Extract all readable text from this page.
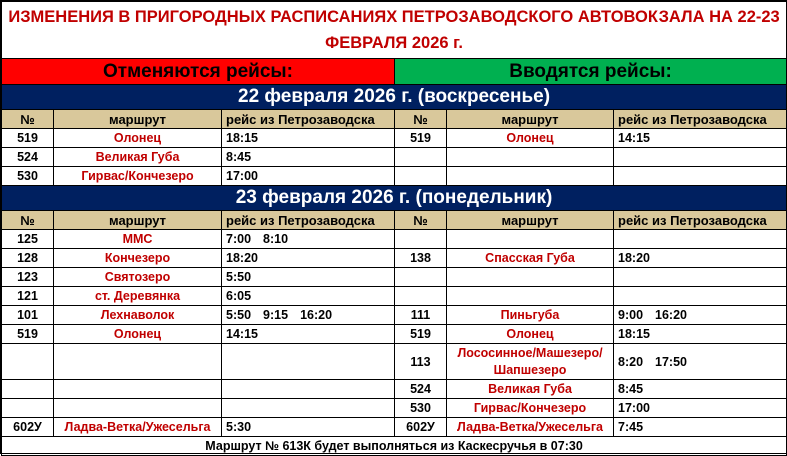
ИЗМЕНЕНИЯ В ПРИГОРОДНЫХ РАСПИСАНИЯХ ПЕТРОЗАВОДСКОГО АВТОВОКЗАЛА НА 22-23 ФЕВРАЛЯ 2026 г.					
Отменяются рейсы:			Вводятся рейсы:		
22 февраля 2026 г. (воскресенье)					
№	маршрут	рейс из Петрозаводска	№	маршрут	рейс из Петрозаводска
519	Олонец	18:15	519	Олонец	14:15
524	Великая Губа	8:45			
530	Гирвас/Кончезеро	17:00			
23 февраля 2026 г. (понедельник)					
№	маршрут	рейс из Петрозаводска	№	маршрут	рейс из Петрозаводска
125	ММС	7:00 8:10			
128	Кончезеро	18:20	138	Спасская Губа	18:20
123	Святозеро	5:50			
121	ст. Деревянка	6:05			
101	Лехнаволок	5:50 9:15 16:20	111	Пиньгуба	9:00 16:20
519	Олонец	14:15	519	Олонец	18:15
			113	Лососинное/Машезеро/ Шапшезеро	8:20 17:50
			524	Великая Губа	8:45
			530	Гирвас/Кончезеро	17:00
602У	Ладва-Ветка/Ужесельга	5:30	602У	Ладва-Ветка/Ужесельга	7:45
Маршрут № 613К будет выполняться из Каскесручья в 07:30					
